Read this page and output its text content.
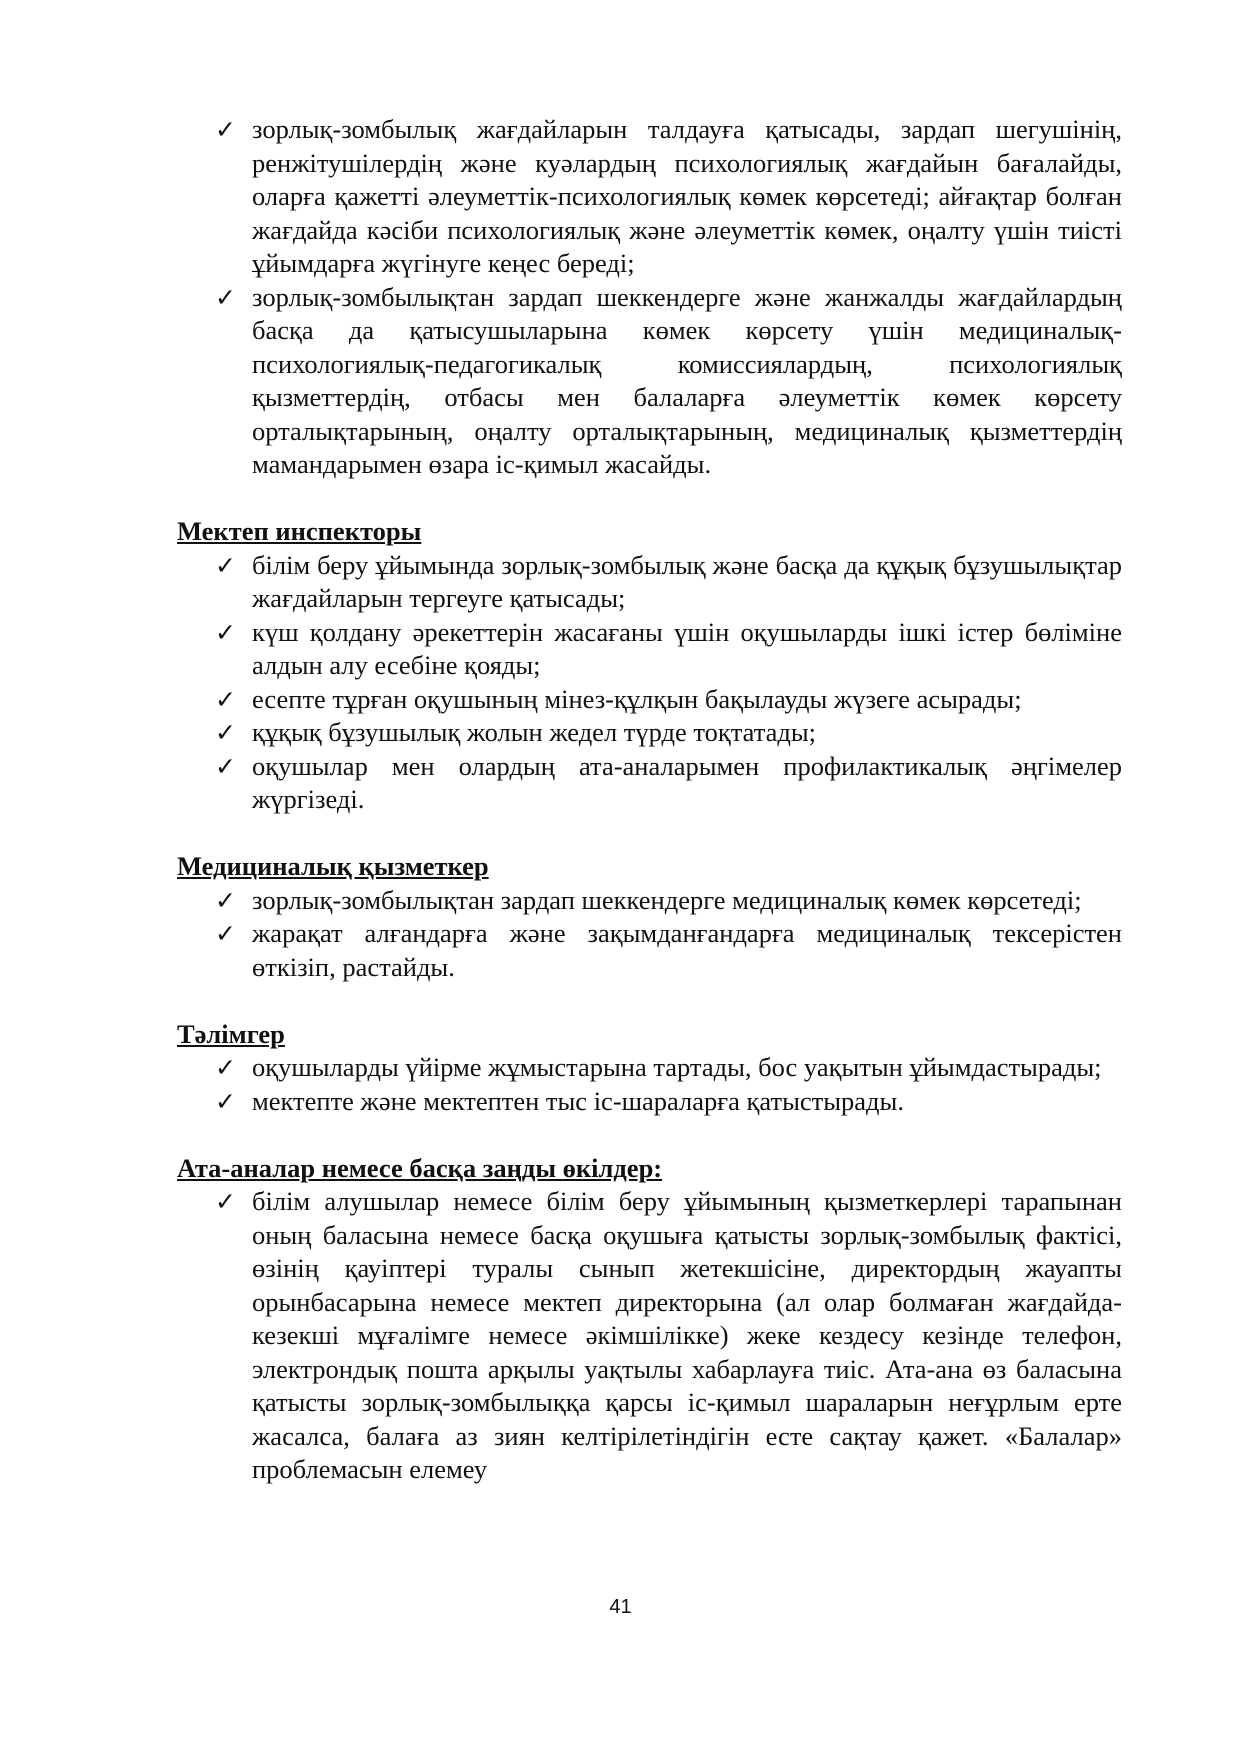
✓ зорлық-зомбылық жағдайларын талдауға қатысады, зардап шегушінің, ренжітушілердің және куәлардың психологиялық жағдайын бағалайды, оларға қажетті әлеуметтік-психологиялық көмек көрсетеді; айғақтар болған жағдайда кәсіби психологиялық және әлеуметтік көмек, оңалту үшін тиісті ұйымдарға жүгінуге кеңес береді;
✓ зорлық-зомбылықтан зардап шеккендерге және жанжалды жағдайлардың басқа да қатысушыларына көмек көрсету үшін медициналық-психологиялық-педагогикалық комиссиялардың, психологиялық қызметтердің, отбасы мен балаларға әлеуметтік көмек көрсету орталықтарының, оңалту орталықтарының, медициналық қызметтердің мамандарымен өзара іс-қимыл жасайды.

Мектеп инспекторы

✓ білім беру ұйымында зорлық-зомбылық және басқа да құқық бұзушылықтар жағдайларын тергеуге қатысады;
✓ күш қолдану әрекеттерін жасағаны үшін оқушыларды ішкі істер бөліміне алдын алу есебіне қояды;
✓ есепте тұрған оқушының мінез-құлқын бақылауды жүзеге асырады;
✓ құқық бұзушылық жолын жедел түрде тоқтатады;
✓ оқушылар мен олардың ата-аналарымен профилактикалық әңгімелер жүргізеді.

Медициналық қызметкер

✓ зорлық-зомбылықтан зардап шеккендерге медициналық көмек көрсетеді;
✓ жарақат алғандарға және зақымданғандарға медициналық тексерістен өткізіп, растайды.

Тәлімгер

✓ оқушыларды үйірме жұмыстарына тартады, бос уақытын ұйымдастырады;
✓ мектепте және мектептен тыс іс-шараларға қатыстырады.

Ата-аналар немесе басқа заңды өкілдер:

✓ білім алушылар немесе білім беру ұйымының қызметкерлері тарапынан оның баласына немесе басқа оқушыға қатысты зорлық-зомбылық фактісі, өзінің қауіптері туралы сынып жетекшісіне, директордың жауапты орынбасарына немесе мектеп директорына (ал олар болмаған жағдайда-кезекші мұғалімге немесе әкімшілікке) жеке кездесу кезінде телефон, электрондық пошта арқылы уақтылы хабарлауға тиіс. Ата-ана өз баласына қатысты зорлық-зомбылыққа қарсы іс-қимыл шараларын неғұрлым ерте жасалса, балаға аз зиян келтірілетіндігін есте сақтау қажет. «Балалар» проблемасын елемеу
41
